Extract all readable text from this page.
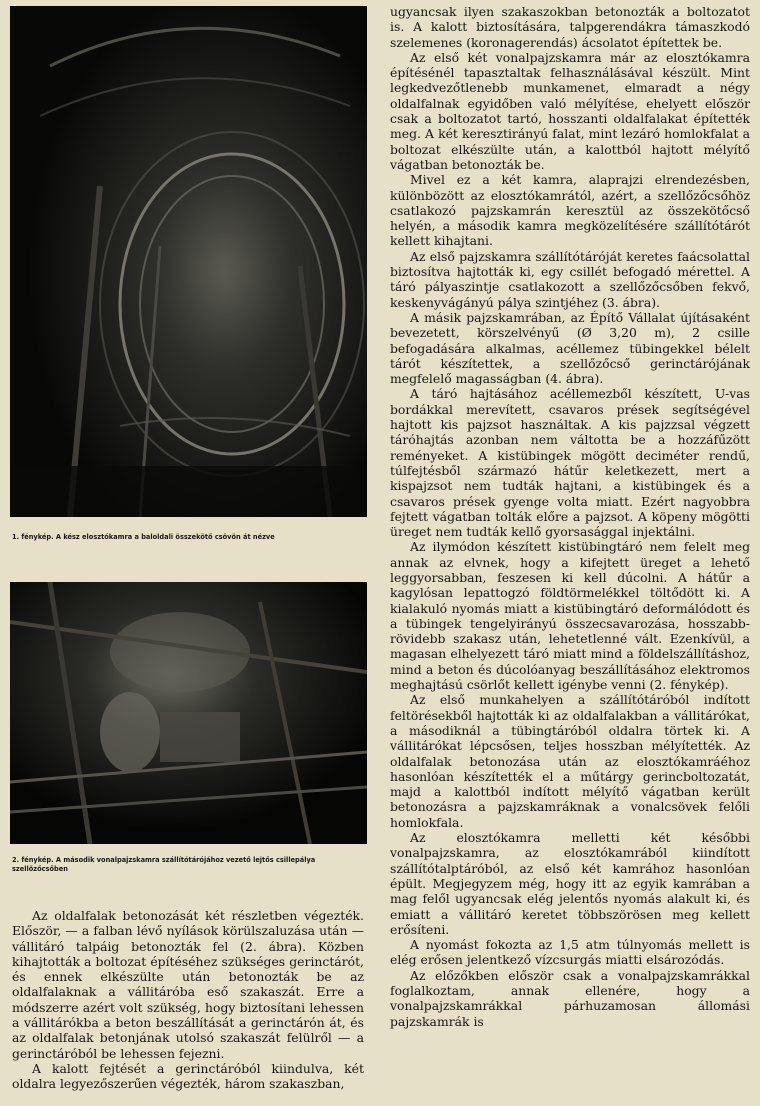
1. fénykép. A kész elosztókamra a baloldali összekötő csövön át nézve
2. fénykép. A második vonalpajzskamra szállítótárójához vezető lejtős csillepálya szellőzőcsőben

Az oldalfalak betonozását két részletben végezték. Először, — a falban lévő nyílások körülszaluzása után — vállitáró talpáig betonozták fel (2. ábra). Közben kihajtották a boltozat építéséhez szükséges gerinctárót, és ennek elkészülte után betonozták be az oldalfalaknak a vállitáróba eső szakaszát. Erre a módszerre azért volt szükség, hogy biztosítani lehessen a vállitárókba a beton beszállítását a gerinctárón át, és az oldalfalak betonjának utolsó szakaszát felülről — a gerinctáróból be lehessen fejezni.

A kalott fejtését a gerinctáróból kiindulva, két oldalra legyezőszerűen végezték, három szakaszban,

ugyancsak ilyen szakaszokban betonozták a boltozatot is. A kalott biztosítására, talpgerendákra támaszkodó szelemenes (koronagerendás) ácsolatot építettek be.

Az első két vonalpajzskamra már az elosztókamra építésénél tapasztaltak felhasználásával készült. Mint legkedvezőtlenebb munkamenet, elmaradt a négy oldalfalnak egyidőben való mélyítése, ehelyett először csak a boltozatot tartó, hosszanti oldalfalakat építették meg. A két keresztirányú falat, mint lezáró homlokfalat a boltozat elkészülte után, a kalottból hajtott mélyítő vágatban betonozták be.

Mivel ez a két kamra, alaprajzi elrendezésben, különbözött az elosztókamrától, azért, a szellőzőcsőhöz csatlakozó pajzskamrán keresztül az összekötőcső helyén, a második kamra megközelítésére szállítótárót kellett kihajtani.

Az első pajzskamra szállítótáróját keretes faácsolattal biztosítva hajtották ki, egy csillét befogadó mérettel. A táró pályaszintje csatlakozott a szellőzőcsőben fekvő, keskenyvágányú pálya szintjéhez (3. ábra).

A másik pajzskamrában, az Építő Vállalat újításaként bevezetett, körszelvényű (Ø 3,20 m), 2 csille befogadására alkalmas, acéllemez tübingekkel bélelt tárót készítettek, a szellőzőcső gerinctárójának megfelelő magasságban (4. ábra).

A táró hajtásához acéllemezből készített, U-vas bordákkal merevített, csavaros prések segítségével hajtott kis pajzsot használtak. A kis pajzzsal végzett táróhajtás azonban nem váltotta be a hozzáfűzött reményeket. A kistübingek mögött deciméter rendű, túlfejtésből származó hátűr keletkezett, mert a kispajzsot nem tudták hajtani, a kistübingek és a csavaros prések gyenge volta miatt. Ezért nagyobbra fejtett vágatban tolták előre a pajzsot. A köpeny mögötti üreget nem tudták kellő gyorsasággal injektálni.

Az ilymódon készített kistübingtáró nem felelt meg annak az elvnek, hogy a kifejtett üreget a lehető leggyorsabban, feszesen ki kell dúcolni. A hátűr a kagylósan lepattogzó földtörmelékkel töltődött ki. A kialakuló nyomás miatt a kistübingtáró deformálódott és a tübingek tengelyirányú összecsavarozása, hosszabb-rövidebb szakasz után, lehetetlenné vált. Ezenkívül, a magasan elhelyezett táró miatt mind a földelszállításhoz, mind a beton és dúcolóanyag beszállításához elektromos meghajtású csörlőt kellett igénybe venni (2. fénykép).

Az első munkahelyen a szállítótáróból indított feltörésekből hajtották ki az oldalfalakban a vállitárókat, a másodiknál a tübingtáróból oldalra törtek ki. A vállitárókat lépcsősen, teljes hosszban mélyítették. Az oldalfalak betonozása után az elosztókamráéhoz hasonlóan készítették el a műtárgy gerincboltozatát, majd a kalottból indított mélyítő vágatban került betonozásra a pajzskamráknak a vonalcsövek felőli homlokfala.

Az elosztókamra melletti két későbbi vonalpajzskamra, az elosztókamrából kiindított szállítótalptáróból, az első két kamrához hasonlóan épült. Megjegyzem még, hogy itt az egyik kamrában a mag felől ugyancsak elég jelentős nyomás alakult ki, és emiatt a vállitáró keretet többszörösen meg kellett erősíteni.

A nyomást fokozta az 1,5 atm túlnyomás mellett is elég erősen jelentkező vízcsurgás miatti elsározódás.

Az előzőkben először csak a vonalpajzskamrákkal foglalkoztam, annak ellenére, hogy a vonalpajzskamrákkal párhuzamosan állomási pajzskamrák is
